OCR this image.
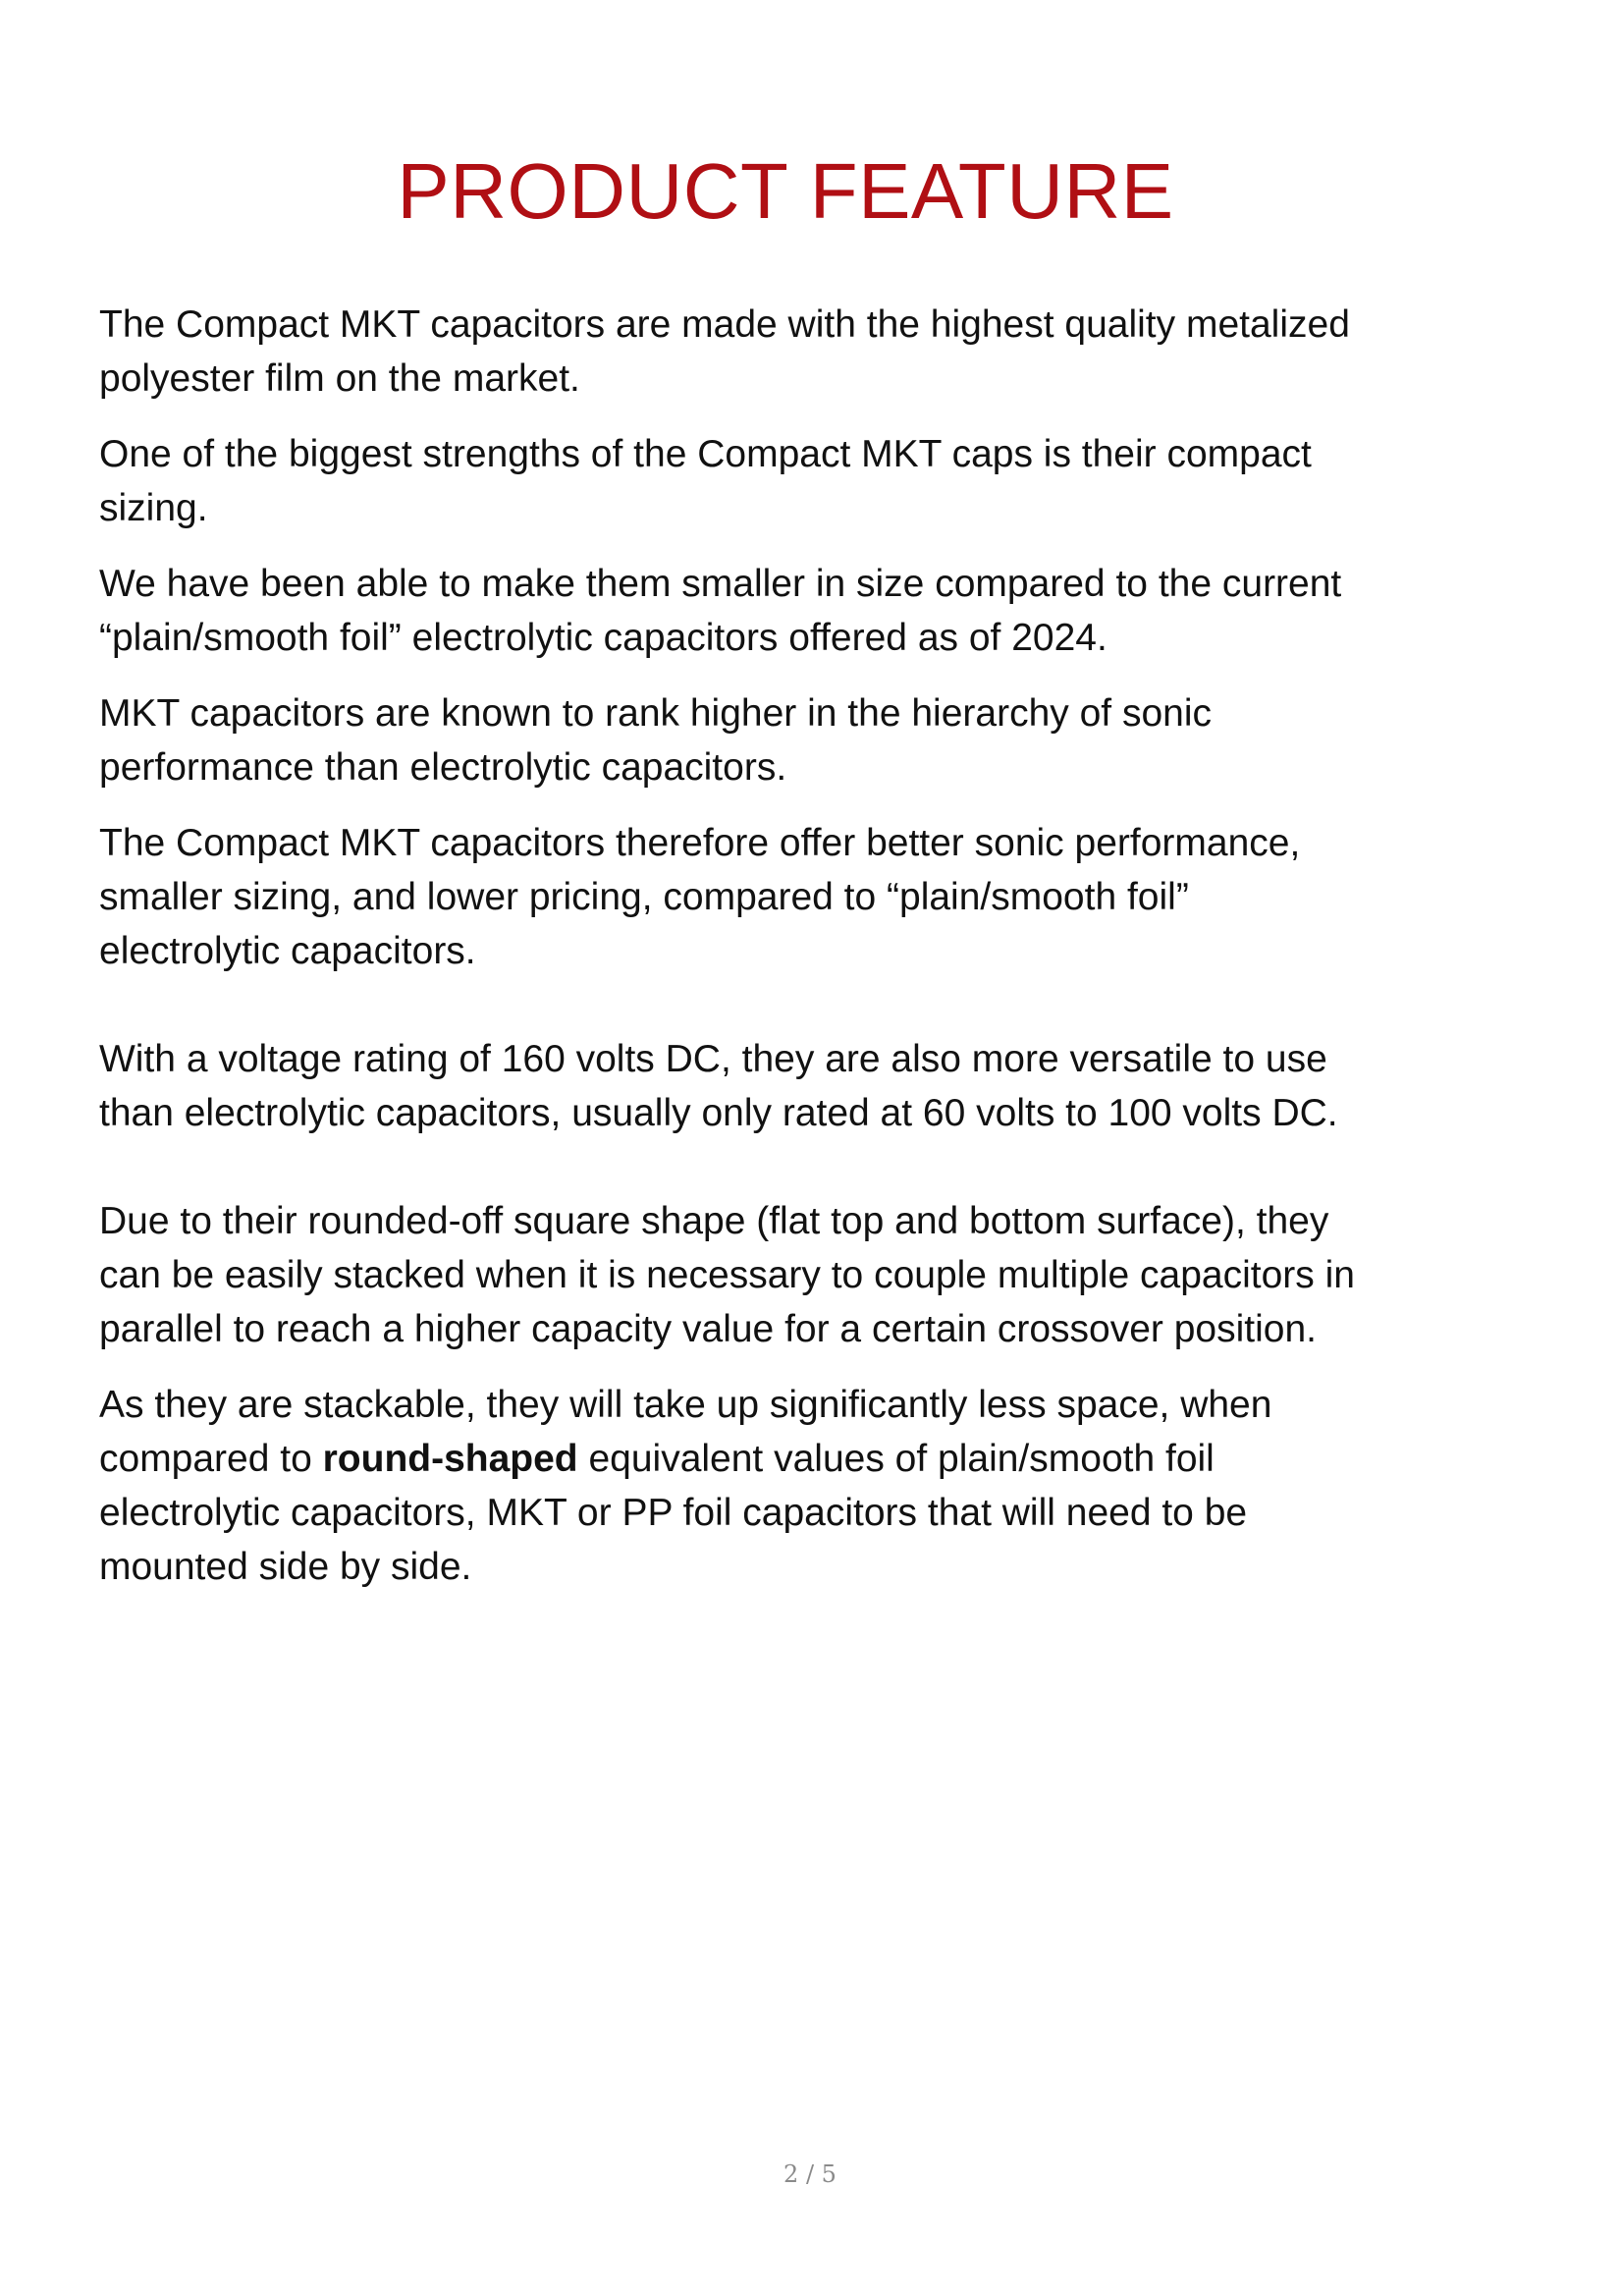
PRODUCT FEATURE

The Compact MKT capacitors are made with the highest quality metalized
polyester film on the market.

One of the biggest strengths of the Compact MKT caps is their compact
sizing.

We have been able to make them smaller in size compared to the current
“plain/smooth foil” electrolytic capacitors offered as of 2024.

MKT capacitors are known to rank higher in the hierarchy of sonic
performance than electrolytic capacitors.

The Compact MKT capacitors therefore offer better sonic performance,
smaller sizing, and lower pricing, compared to “plain/smooth foil”
electrolytic capacitors.

With a voltage rating of 160 volts DC, they are also more versatile to use
than electrolytic capacitors, usually only rated at 60 volts to 100 volts DC.

Due to their rounded-off square shape (flat top and bottom surface), they
can be easily stacked when it is necessary to couple multiple capacitors in
parallel to reach a higher capacity value for a certain crossover position.

As they are stackable, they will take up significantly less space, when
compared to round-shaped equivalent values of plain/smooth foil
electrolytic capacitors, MKT or PP foil capacitors that will need to be
mounted side by side.

2 / 5
